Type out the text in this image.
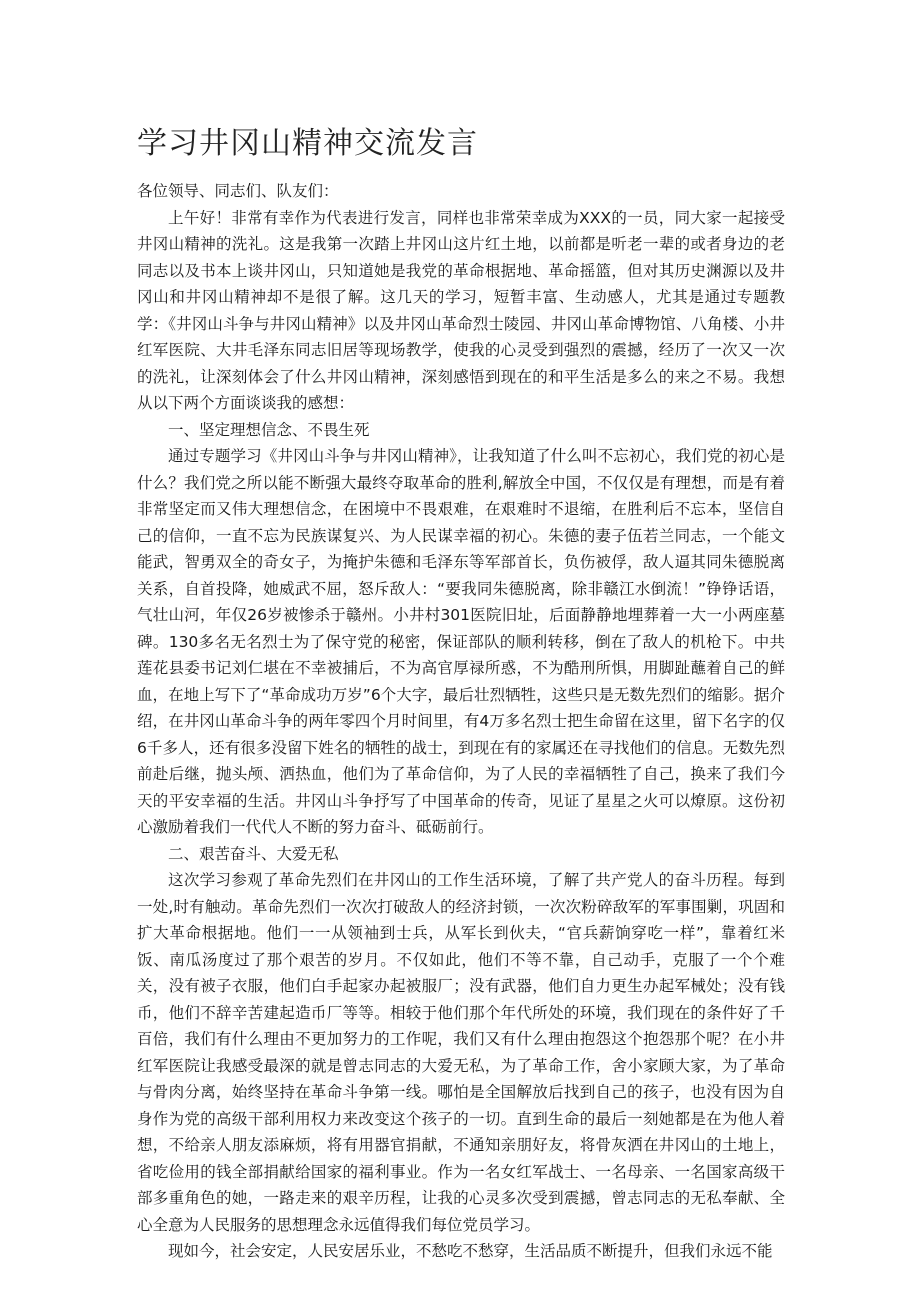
学习井冈山精神交流发言

各位领导、同志们、队友们：

上午好！非常有幸作为代表进行发言，同样也非常荣幸成为XXX的一员，同大家一起接受井冈山精神的洗礼。这是我第一次踏上井冈山这片红土地，以前都是听老一辈的或者身边的老同志以及书本上谈井冈山，只知道她是我党的革命根据地、革命摇篮，但对其历史渊源以及井冈山和井冈山精神却不是很了解。这几天的学习，短暂丰富、生动感人，尤其是通过专题教学：《井冈山斗争与井冈山精神》以及井冈山革命烈士陵园、井冈山革命博物馆、八角楼、小井红军医院、大井毛泽东同志旧居等现场教学，使我的心灵受到强烈的震撼，经历了一次又一次的洗礼，让深刻体会了什么井冈山精神，深刻感悟到现在的和平生活是多么的来之不易。我想从以下两个方面谈谈我的感想：

一、坚定理想信念、不畏生死

通过专题学习《井冈山斗争与井冈山精神》，让我知道了什么叫不忘初心，我们党的初心是什么？我们党之所以能不断强大最终夺取革命的胜利,解放全中国，不仅仅是有理想，而是有着非常坚定而又伟大理想信念，在困境中不畏艰难，在艰难时不退缩，在胜利后不忘本，坚信自己的信仰，一直不忘为民族谋复兴、为人民谋幸福的初心。朱德的妻子伍若兰同志，一个能文能武，智勇双全的奇女子，为掩护朱德和毛泽东等军部首长，负伤被俘，敌人逼其同朱德脱离关系，自首投降，她威武不屈，怒斥敌人：“要我同朱德脱离，除非赣江水倒流！”铮铮话语，气壮山河，年仅26岁被惨杀于赣州。小井村301医院旧址，后面静静地埋葬着一大一小两座墓碑。130多名无名烈士为了保守党的秘密，保证部队的顺利转移，倒在了敌人的机枪下。中共莲花县委书记刘仁堪在不幸被捕后，不为高官厚禄所惑，不为酷刑所惧，用脚趾蘸着自己的鲜血，在地上写下了“革命成功万岁”6个大字，最后壮烈牺牲，这些只是无数先烈们的缩影。据介绍，在井冈山革命斗争的两年零四个月时间里，有4万多名烈士把生命留在这里，留下名字的仅6千多人，还有很多没留下姓名的牺牲的战士，到现在有的家属还在寻找他们的信息。无数先烈前赴后继，抛头颅、洒热血，他们为了革命信仰，为了人民的幸福牺牲了自己，换来了我们今天的平安幸福的生活。井冈山斗争抒写了中国革命的传奇，见证了星星之火可以燎原。这份初心激励着我们一代代人不断的努力奋斗、砥砺前行。

二、艰苦奋斗、大爱无私

这次学习参观了革命先烈们在井冈山的工作生活环境，了解了共产党人的奋斗历程。每到一处,时有触动。革命先烈们一次次打破敌人的经济封锁，一次次粉碎敌军的军事围剿，巩固和扩大革命根据地。他们一一从领袖到士兵，从军长到伙夫，“官兵薪饷穿吃一样”，靠着红米饭、南瓜汤度过了那个艰苦的岁月。不仅如此，他们不等不靠，自己动手，克服了一个个难关，没有被子衣服，他们白手起家办起被服厂；没有武器，他们自力更生办起军械处；没有钱币，他们不辞辛苦建起造币厂等等。相较于他们那个年代所处的环境，我们现在的条件好了千百倍，我们有什么理由不更加努力的工作呢，我们又有什么理由抱怨这个抱怨那个呢？在小井红军医院让我感受最深的就是曾志同志的大爱无私，为了革命工作，舍小家顾大家，为了革命与骨肉分离，始终坚持在革命斗争第一线。哪怕是全国解放后找到自己的孩子，也没有因为自身作为党的高级干部利用权力来改变这个孩子的一切。直到生命的最后一刻她都是在为他人着想，不给亲人朋友添麻烦，将有用器官捐献，不通知亲朋好友，将骨灰洒在井冈山的土地上，省吃俭用的钱全部捐献给国家的福利事业。作为一名女红军战士、一名母亲、一名国家高级干部多重角色的她，一路走来的艰辛历程，让我的心灵多次受到震撼，曾志同志的无私奉献、全心全意为人民服务的思想理念永远值得我们每位党员学习。

现如今，社会安定，人民安居乐业，不愁吃不愁穿，生活品质不断提升，但我们永远不能
